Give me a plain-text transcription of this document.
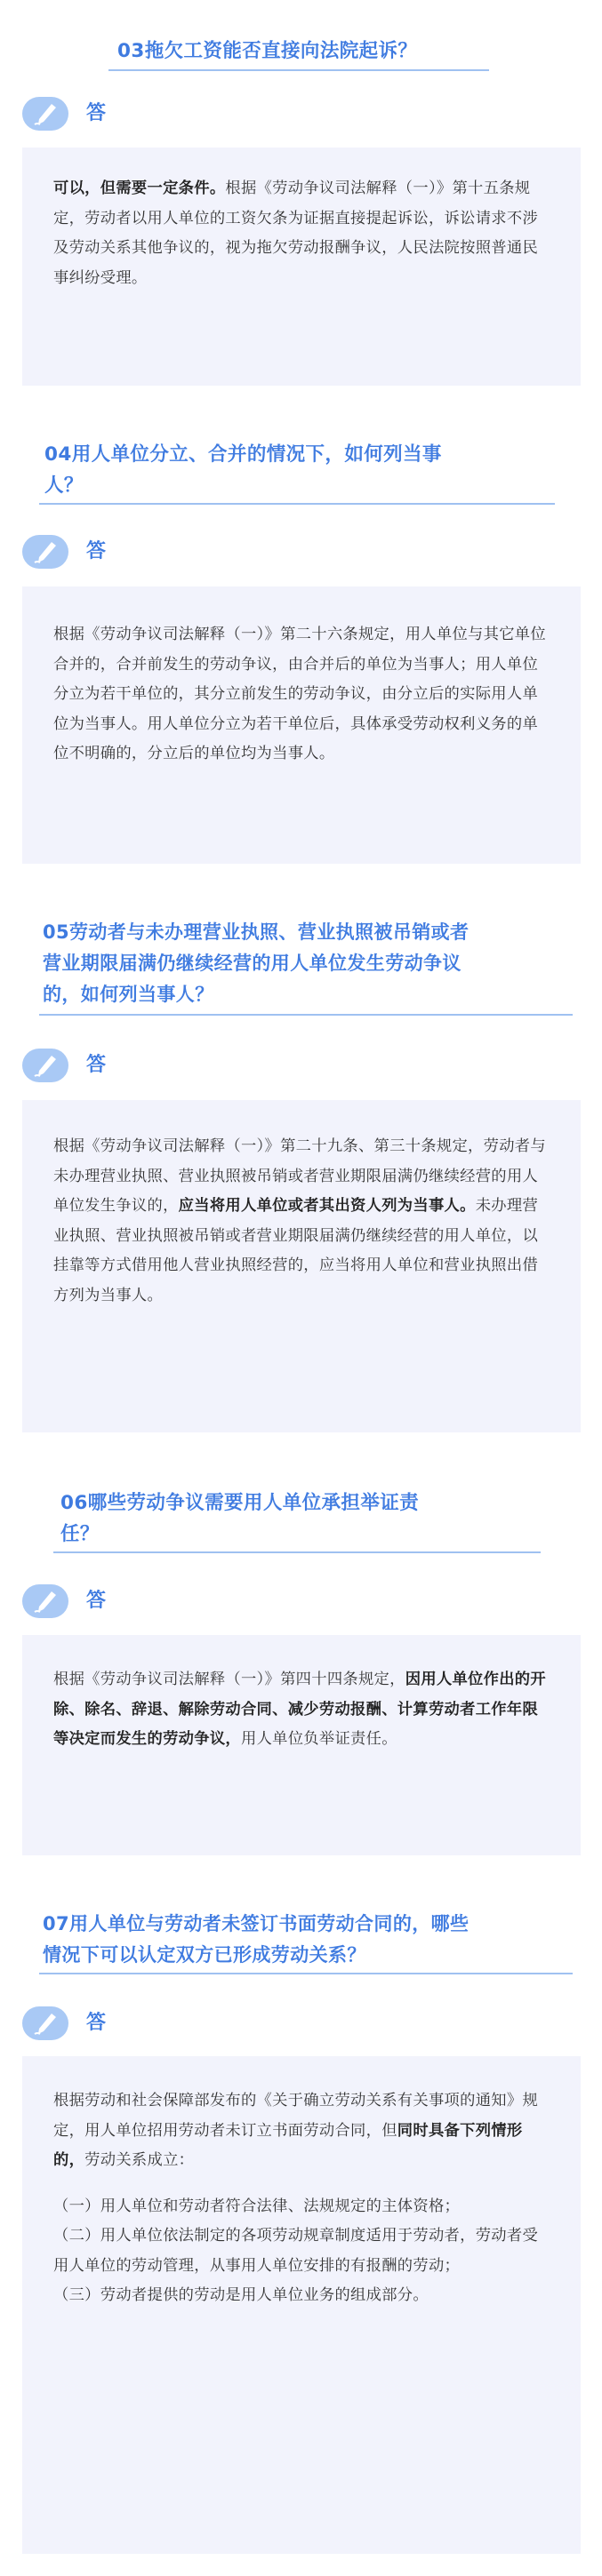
03拖欠工资能否直接向法院起诉？
答

可以，但需要一定条件。根据《劳动争议司法解释（一）》第十五条规定，劳动者以用人单位的工资欠条为证据直接提起诉讼，诉讼请求不涉及劳动关系其他争议的，视为拖欠劳动报酬争议，人民法院按照普通民事纠纷受理。

04用人单位分立、合并的情况下，如何列当事
人？
答

根据《劳动争议司法解释（一）》第二十六条规定，用人单位与其它单位合并的，合并前发生的劳动争议，由合并后的单位为当事人；用人单位分立为若干单位的，其分立前发生的劳动争议，由分立后的实际用人单位为当事人。用人单位分立为若干单位后，具体承受劳动权利义务的单位不明确的，分立后的单位均为当事人。

05劳动者与未办理营业执照、营业执照被吊销或者
营业期限届满仍继续经营的用人单位发生劳动争议
的，如何列当事人？
答

根据《劳动争议司法解释（一）》第二十九条、第三十条规定，劳动者与未办理营业执照、营业执照被吊销或者营业期限届满仍继续经营的用人单位发生争议的，应当将用人单位或者其出资人列为当事人。未办理营业执照、营业执照被吊销或者营业期限届满仍继续经营的用人单位，以挂靠等方式借用他人营业执照经营的，应当将用人单位和营业执照出借方列为当事人。

06哪些劳动争议需要用人单位承担举证责
任？
答

根据《劳动争议司法解释（一）》第四十四条规定，因用人单位作出的开除、除名、辞退、解除劳动合同、减少劳动报酬、计算劳动者工作年限等决定而发生的劳动争议，用人单位负举证责任。

07用人单位与劳动者未签订书面劳动合同的，哪些
情况下可以认定双方已形成劳动关系？
答

根据劳动和社会保障部发布的《关于确立劳动关系有关事项的通知》规定，用人单位招用劳动者未订立书面劳动合同，但同时具备下列情形的，劳动关系成立：

（一）用人单位和劳动者符合法律、法规规定的主体资格；

（二）用人单位依法制定的各项劳动规章制度适用于劳动者，劳动者受用人单位的劳动管理，从事用人单位安排的有报酬的劳动；

（三）劳动者提供的劳动是用人单位业务的组成部分。
